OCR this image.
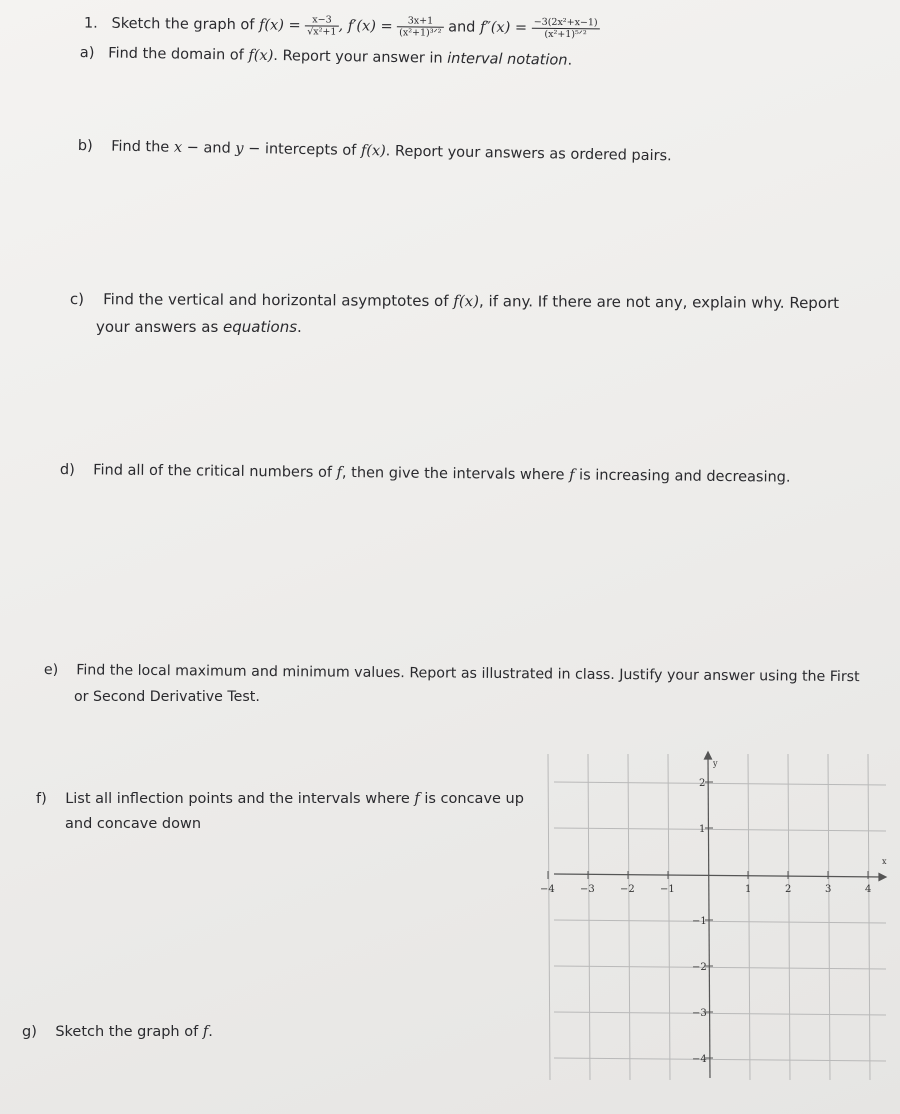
1. Sketch the graph of $f(x) = \frac{x-3}{\text{√x²+1}}$ , $f'(x) = \frac{3x+1}{\text{(x²+1)³ᐟ²}}$ and $f''(x) = \frac{\text{−3(2x²+x−1)}}{\text{(x²+1)⁵ᐟ²}}$
a) Find the domain of f(x). Report your answer in interval notation.
b) Find the x − and y − intercepts of f(x). Report your answers as ordered pairs.
c) Find the vertical and horizontal asymptotes of f(x), if any. If there are not any, explain why. Report
your answers as equations.
d) Find all of the critical numbers of f, then give the intervals where f is increasing and decreasing.
e) Find the local maximum and minimum values. Report as illustrated in class. Justify your answer using the First
or Second Derivative Test.
f) List all inflection points and the intervals where f is concave up
and concave down
g) Sketch the graph of f.
−4	−3	−2	−1	1	2	3	4
2
1
−1
−2
−3
−4
x
y
